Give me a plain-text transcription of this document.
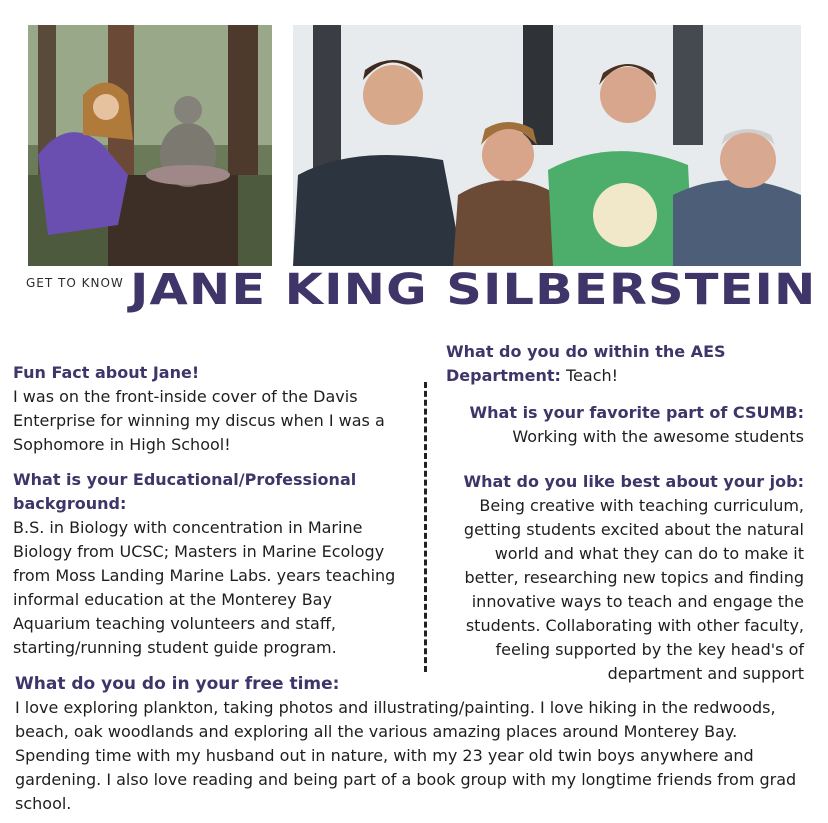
GET TO KNOW JANE KING SILBERSTEIN
Fun Fact about Jane!
I was on the front-inside cover of the Davis Enterprise for winning my discus when I was a Sophomore in High School!
What is your Educational/Professional background:
B.S. in Biology with concentration in Marine Biology from UCSC; Masters in Marine Ecology from Moss Landing Marine Labs. years teaching informal education at the Monterey Bay Aquarium teaching volunteers and staff, starting/running student guide program.
What do you do within the AES Department: Teach!
What is your favorite part of CSUMB:
Working with the awesome students
What do you like best about your job:
Being creative with teaching curriculum, getting students excited about the natural world and what they can do to make it better, researching new topics and finding innovative ways to teach and engage the students. Collaborating with other faculty, feeling supported by the key head's of department and support
What do you do in your free time:
I love exploring plankton, taking photos and illustrating/painting. I love hiking in the redwoods, beach, oak woodlands and exploring all the various amazing places around Monterey Bay. Spending time with my husband out in nature, with my 23 year old twin boys anywhere and gardening. I also love reading and being part of a book group with my longtime friends from grad school.
